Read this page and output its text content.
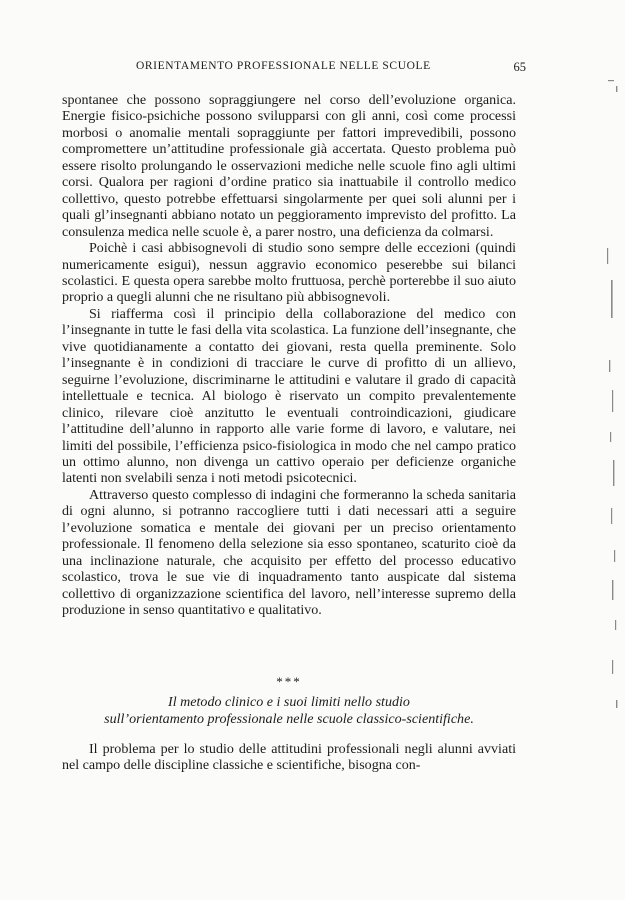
ORIENTAMENTO PROFESSIONALE NELLE SCUOLE	65

spontanee che possono sopraggiungere nel corso dell’evoluzione organica. Energie fisico-psichiche possono svilupparsi con gli anni, così come processi morbosi o anomalie mentali sopraggiunte per fattori imprevedibili, possono compromettere un’attitudine professionale già accertata. Questo problema può essere risolto prolungando le osservazioni mediche nelle scuole fino agli ultimi corsi. Qualora per ragioni d’ordine pratico sia inattuabile il controllo medico collettivo, questo potrebbe effettuarsi singolarmente per quei soli alunni per i quali gl’insegnanti abbiano notato un peggioramento imprevisto del profitto. La consulenza medica nelle scuole è, a parer nostro, una deficienza da colmarsi.

Poichè i casi abbisognevoli di studio sono sempre delle eccezioni (quindi numericamente esigui), nessun aggravio economico peserebbe sui bilanci scolastici. E questa opera sarebbe molto fruttuosa, perchè porterebbe il suo aiuto proprio a quegli alunni che ne risultano più abbisognevoli.

Si riafferma così il principio della collaborazione del medico con l’insegnante in tutte le fasi della vita scolastica. La funzione dell’insegnante, che vive quotidianamente a contatto dei giovani, resta quella preminente. Solo l’insegnante è in condizioni di tracciare le curve di profitto di un allievo, seguirne l’evoluzione, discriminarne le attitudini e valutare il grado di capacità intellettuale e tecnica. Al biologo è riservato un compito prevalentemente clinico, rilevare cioè anzitutto le eventuali controindicazioni, giudicare l’attitudine dell’alunno in rapporto alle varie forme di lavoro, e valutare, nei limiti del possibile, l’efficienza psico-fisiologica in modo che nel campo pratico un ottimo alunno, non divenga un cattivo operaio per deficienze organiche latenti non svelabili senza i noti metodi psicotecnici.

Attraverso questo complesso di indagini che formeranno la scheda sanitaria di ogni alunno, si potranno raccogliere tutti i dati necessari atti a seguire l’evoluzione somatica e mentale dei giovani per un preciso orientamento professionale. Il fenomeno della selezione sia esso spontaneo, scaturito cioè da una inclinazione naturale, che acquisito per effetto del processo educativo scolastico, trova le sue vie di inquadramento tanto auspicate dal sistema collettivo di organizzazione scientifica del lavoro, nell’interesse supremo della produzione in senso quantitativo e qualitativo.

***
Il metodo clinico e i suoi limiti nello studio
sull’orientamento professionale nelle scuole classico-scientifiche.

Il problema per lo studio delle attitudini professionali negli alunni avviati nel campo delle discipline classiche e scientifiche, bisogna con-
